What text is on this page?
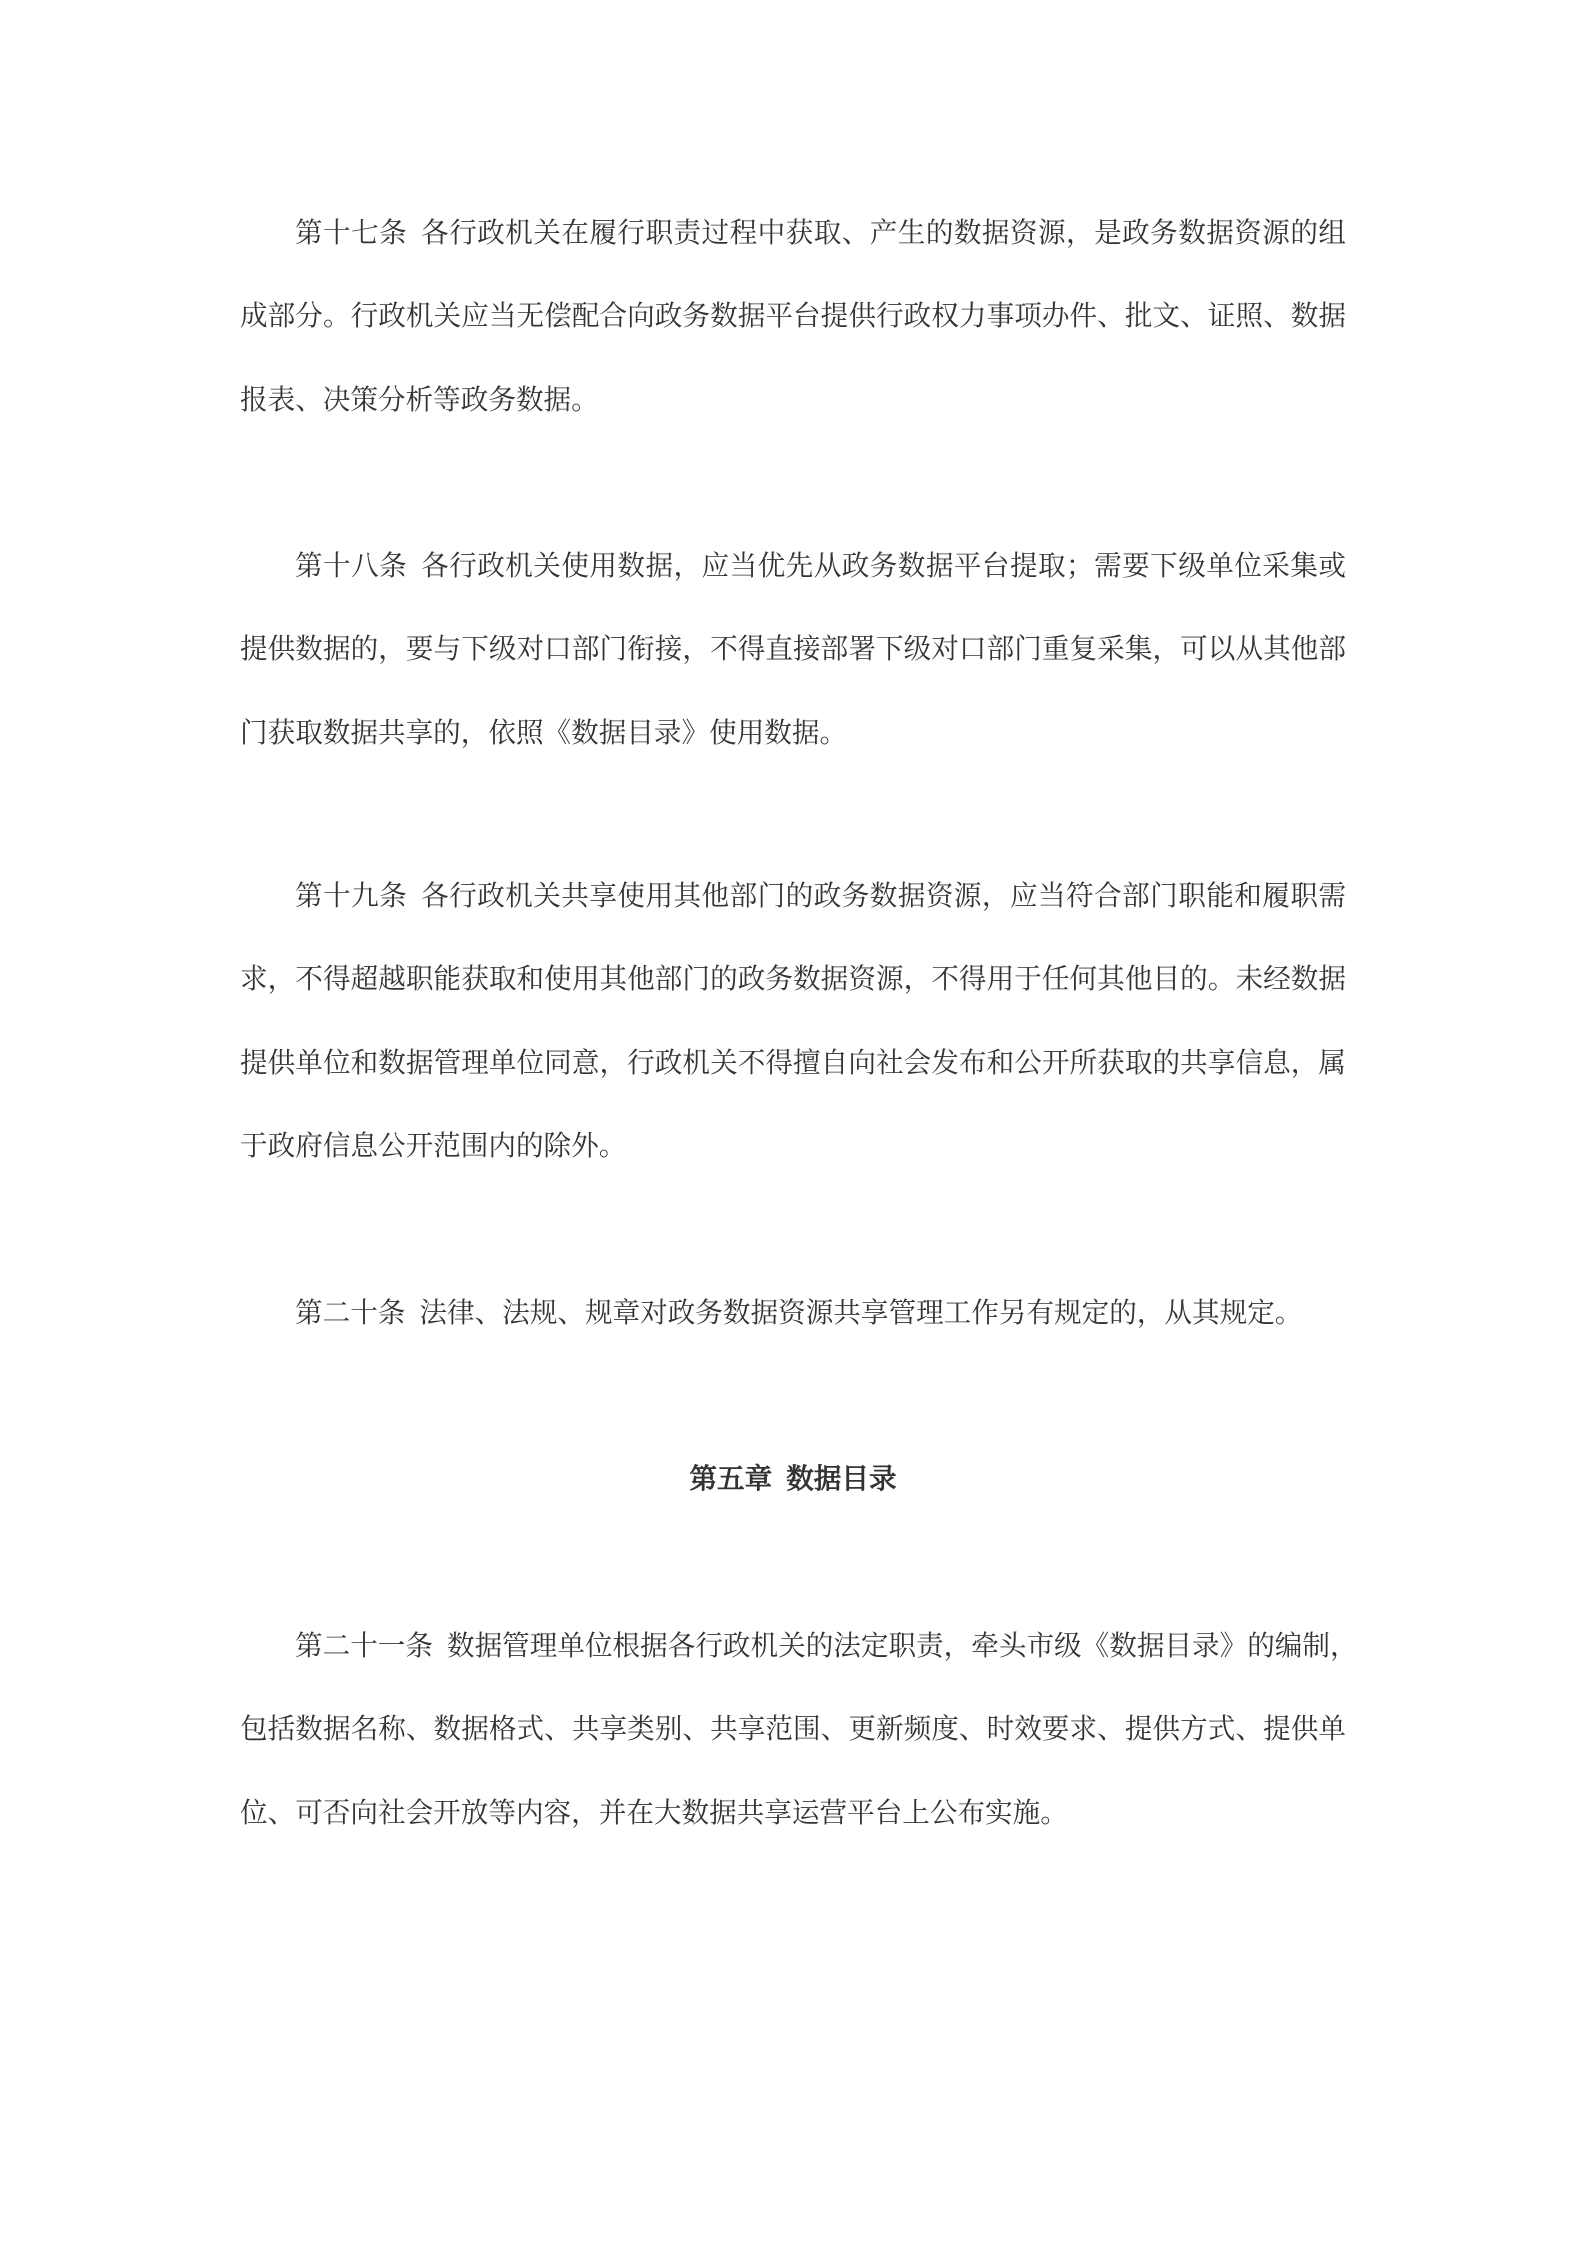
第十七条 各行政机关在履行职责过程中获取、产生的数据资源，是政务数据资源的组
成部分。行政机关应当无偿配合向政务数据平台提供行政权力事项办件、批文、证照、数据
报表、决策分析等政务数据。
第十八条 各行政机关使用数据，应当优先从政务数据平台提取；需要下级单位采集或
提供数据的，要与下级对口部门衔接，不得直接部署下级对口部门重复采集，可以从其他部
门获取数据共享的，依照《数据目录》使用数据。
第十九条 各行政机关共享使用其他部门的政务数据资源，应当符合部门职能和履职需
求，不得超越职能获取和使用其他部门的政务数据资源，不得用于任何其他目的。未经数据
提供单位和数据管理单位同意，行政机关不得擅自向社会发布和公开所获取的共享信息，属
于政府信息公开范围内的除外。
第二十条 法律、法规、规章对政务数据资源共享管理工作另有规定的，从其规定。
第五章 数据目录
第二十一条 数据管理单位根据各行政机关的法定职责，牵头市级《数据目录》的编制，
包括数据名称、数据格式、共享类别、共享范围、更新频度、时效要求、提供方式、提供单
位、可否向社会开放等内容，并在大数据共享运营平台上公布实施。
